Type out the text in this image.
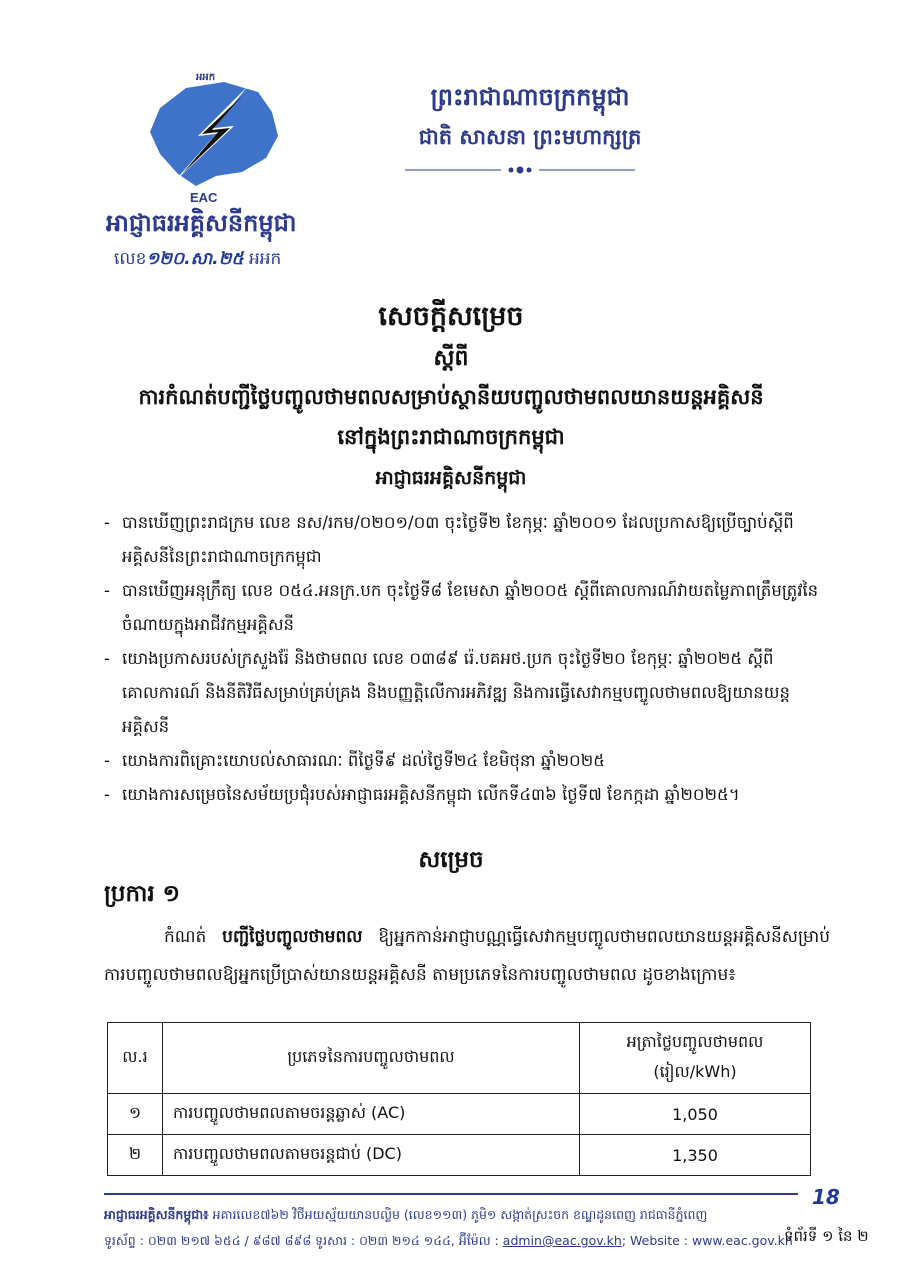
អអក
EAC
អាជ្ញាធរអគ្គិសនីកម្ពុជា
លេខ១២០.សា.២៥ អអក
ព្រះរាជាណាចក្រកម្ពុជា
ជាតិ សាសនា ព្រះមហាក្សត្រ
សេចក្តីសម្រេច
ស្តីពី
ការកំណត់បញ្ជីថ្លៃបញ្ចូលថាមពលសម្រាប់ស្ថានីយបញ្ចូលថាមពលយានយន្តអគ្គិសនី
នៅក្នុងព្រះរាជាណាចក្រកម្ពុជា
អាជ្ញាធរអគ្គិសនីកម្ពុជា

- បានឃើញព្រះរាជក្រម លេខ នស/រកម/០២០១/០៣ ចុះថ្ងៃទី២ ខែកុម្ភៈ ឆ្នាំ២០០១ ដែលប្រកាសឱ្យប្រើច្បាប់ស្តីពីអគ្គិសនីនៃព្រះរាជាណាចក្រកម្ពុជា

- បានឃើញអនុក្រឹត្យ លេខ ០៥៤.អនក្រ.បក ចុះថ្ងៃទី៨ ខែមេសា ឆ្នាំ២០០៥ ស្តីពីគោលការណ៍វាយតម្លៃភាពត្រឹមត្រូវនៃចំណាយក្នុងអាជីវកម្មអគ្គិសនី

- យោងប្រកាសរបស់ក្រសួងរ៉ែ និងថាមពល លេខ ០៣៨៩ រ៉េ.បគអថ.ប្រក ចុះថ្ងៃទី២០ ខែកុម្ភៈ ឆ្នាំ២០២៥ ស្តីពីគោលការណ៍ និងនីតិវិធីសម្រាប់គ្រប់គ្រង និងបញ្ញត្តិលើការអភិវឌ្ឍ និងការធ្វើសេវាកម្មបញ្ចូលថាមពលឱ្យយានយន្តអគ្គិសនី

- យោងការពិគ្រោះយោបល់សាធារណៈ ពីថ្ងៃទី៩ ដល់ថ្ងៃទី២៤ ខែមិថុនា ឆ្នាំ២០២៥

- យោងការសម្រេចនៃសម័យប្រជុំរបស់អាជ្ញាធរអគ្គិសនីកម្ពុជា លើកទី៤៣៦ ថ្ងៃទី៧ ខែកក្កដា ឆ្នាំ២០២៥។

សម្រេច
ប្រការ ១
កំណត់ បញ្ជីថ្លៃបញ្ចូលថាមពល ឱ្យអ្នកកាន់អាជ្ញាបណ្ណធ្វើសេវាកម្មបញ្ចូលថាមពលយានយន្តអគ្គិសនីសម្រាប់ការបញ្ចូលថាមពលឱ្យអ្នកប្រើប្រាស់យានយន្តអគ្គិសនី តាមប្រភេទនៃការបញ្ចូលថាមពល ដូចខាងក្រោម៖
ល.រ	ប្រភេទនៃការបញ្ចូលថាមពល	អត្រាថ្លៃបញ្ចូលថាមពល
(រៀល/kWh)

១	ការបញ្ចូលថាមពលតាមចរន្តឆ្លាស់ (AC)	1,050
២	ការបញ្ចូលថាមពលតាមចរន្តជាប់ (DC)	1,350
18
អាជ្ញាធរអគ្គិសនីកម្ពុជា៖ អគារលេខ៧៦២ វិថីអយស្ម័យយានបល្លិម (លេខ១១៣) ភូមិ១ សង្កាត់ស្រះចក ខណ្ឌដូនពេញ រាជធានីភ្នំពេញ
ទូរស័ព្ទ : ០២៣ ២១៧ ៦៥៤ / ៩៨៧ ៨៩៨ ទូរសារ : ០២៣ ២១៤ ១៤៤, អ៊ីម៉ែល : admin@eac.gov.kh; Website : www.eac.gov.kh
ទំព័រទី ១ នៃ ២
